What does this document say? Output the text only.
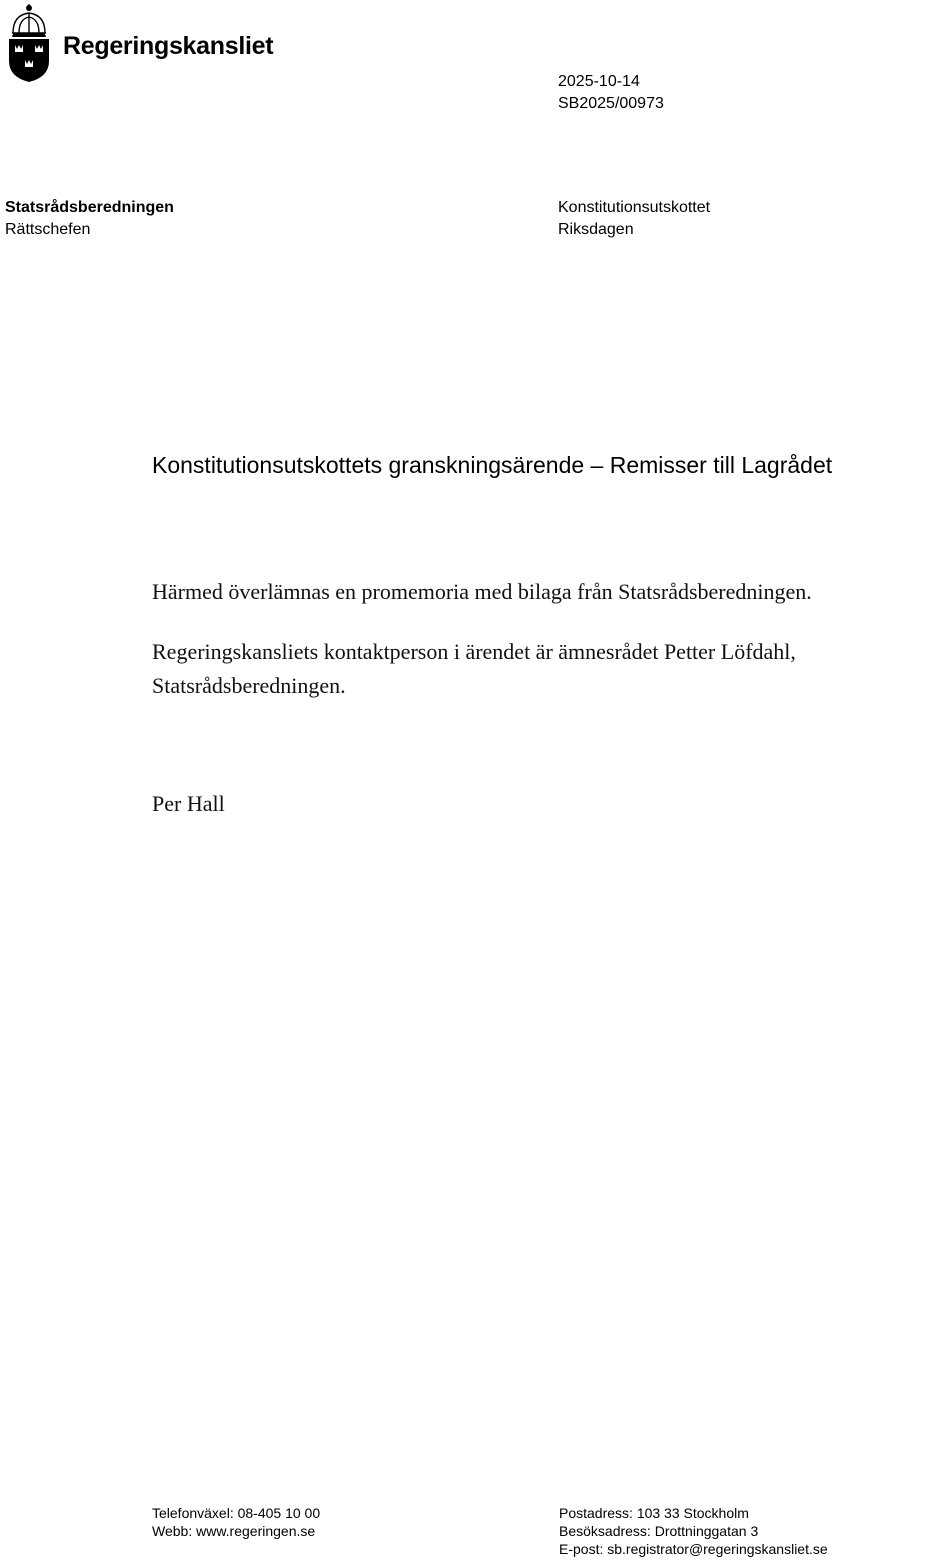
Regeringskansliet
2025-10-14
SB2025/00973
Statsrådsberedningen
Rättschefen
Konstitutionsutskottet
Riksdagen
Konstitutionsutskottets granskningsärende – Remisser till Lagrådet
Härmed överlämnas en promemoria med bilaga från Statsrådsberedningen.
Regeringskansliets kontaktperson i ärendet är ämnesrådet Petter Löfdahl, Statsrådsberedningen.
Per Hall
Telefonväxel: 08-405 10 00
Webb: www.regeringen.se
Postadress: 103 33 Stockholm
Besöksadress: Drottninggatan 3
E-post: sb.registrator@regeringskansliet.se
